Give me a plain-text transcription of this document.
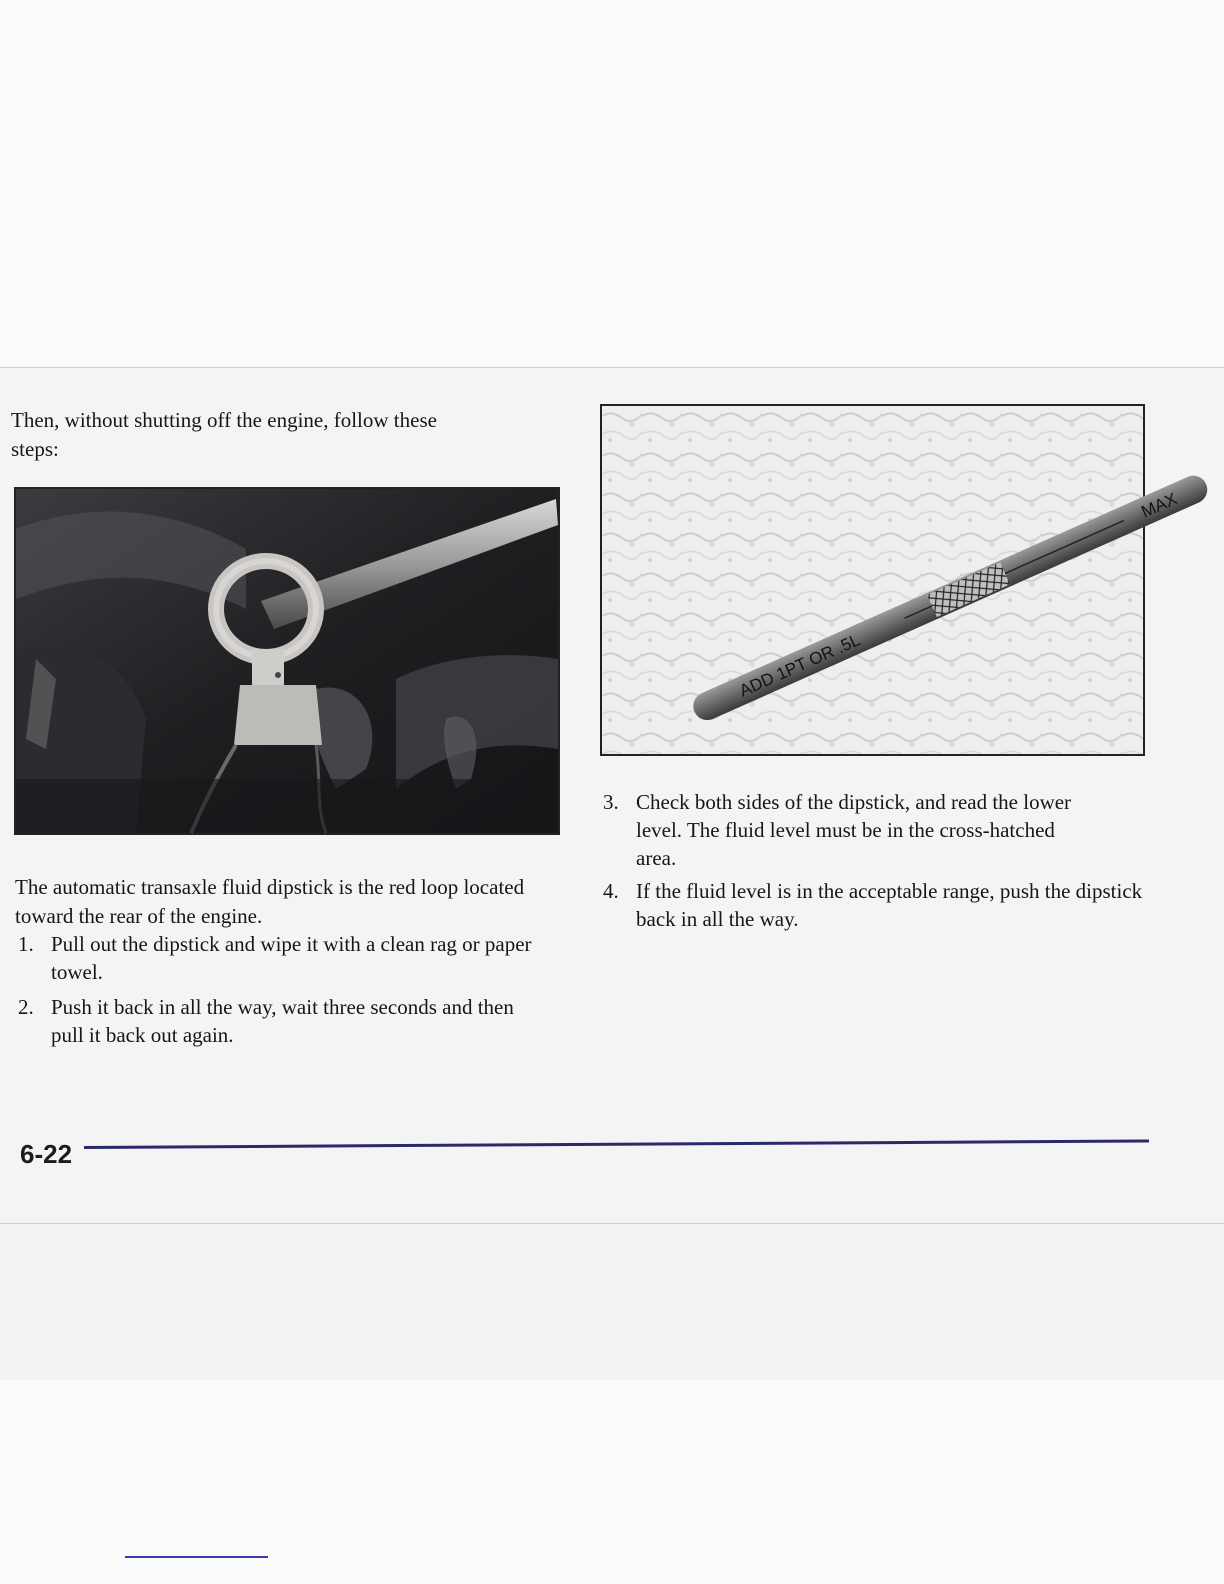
Then, without shutting off the engine, follow these steps:
The automatic transaxle fluid dipstick is the red loop located toward the rear of the engine.
1. Pull out the dipstick and wipe it with a clean rag or paper towel.
2. Push it back in all the way, wait three seconds and then pull it back out again.
ADD 1PT OR .5L
MAX
3. Check both sides of the dipstick, and read the lower level. The fluid level must be in the cross-hatched area.
4. If the fluid level is in the acceptable range, push the dipstick back in all the way.
6-22
